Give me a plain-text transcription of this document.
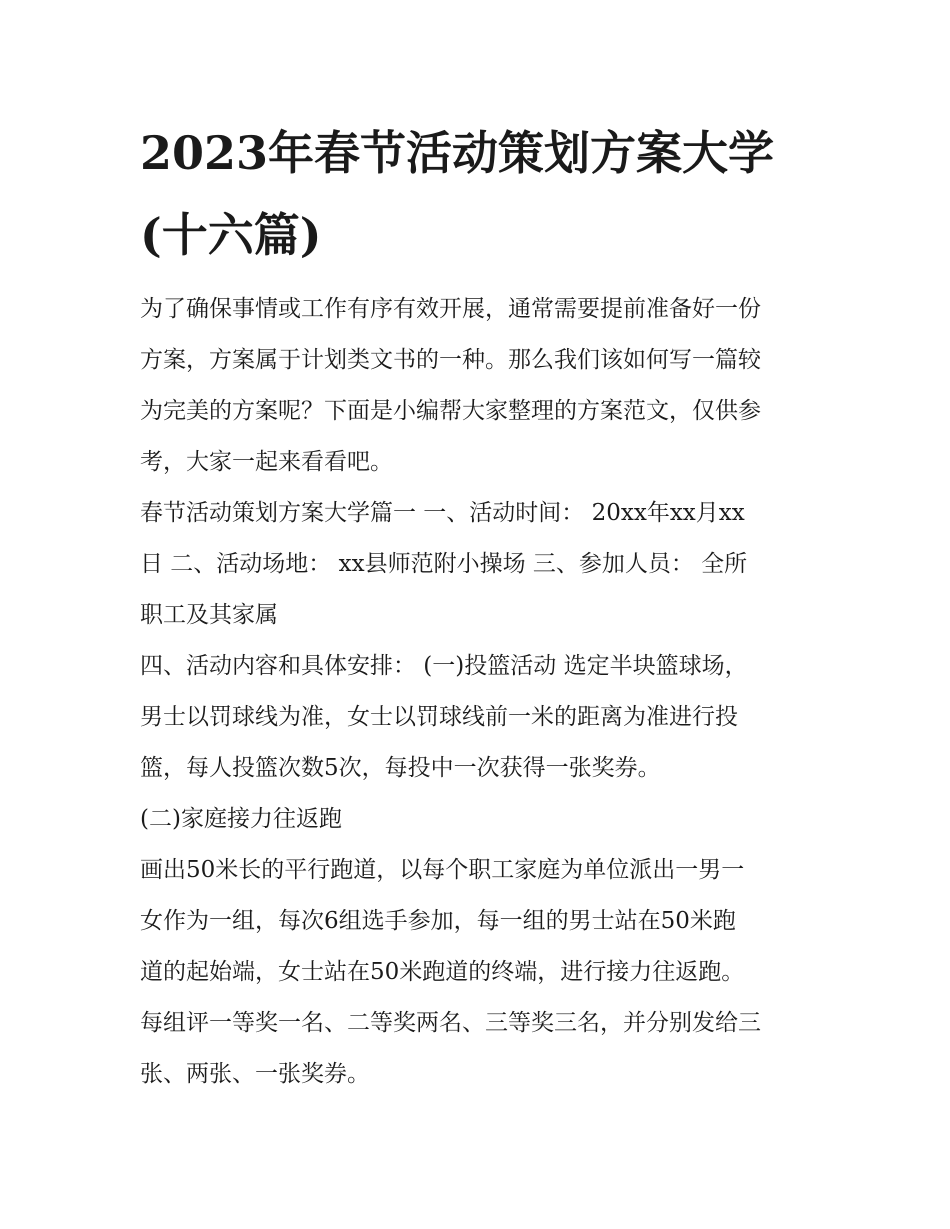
2023年春节活动策划方案大学
(十六篇)

为了确保事情或工作有序有效开展，通常需要提前准备好一份
方案，方案属于计划类文书的一种。那么我们该如何写一篇较
为完美的方案呢？下面是小编帮大家整理的方案范文，仅供参
考，大家一起来看看吧。

春节活动策划方案大学篇一 一、活动时间： 20xx年xx月xx
日 二、活动场地： xx县师范附小操场 三、参加人员： 全所
职工及其家属

四、活动内容和具体安排： (一)投篮活动 选定半块篮球场，
男士以罚球线为准，女士以罚球线前一米的距离为准进行投
篮，每人投篮次数5次，每投中一次获得一张奖券。

(二)家庭接力往返跑

画出50米长的平行跑道，以每个职工家庭为单位派出一男一
女作为一组，每次6组选手参加，每一组的男士站在50米跑
道的起始端，女士站在50米跑道的终端，进行接力往返跑。
每组评一等奖一名、二等奖两名、三等奖三名，并分别发给三
张、两张、一张奖券。
